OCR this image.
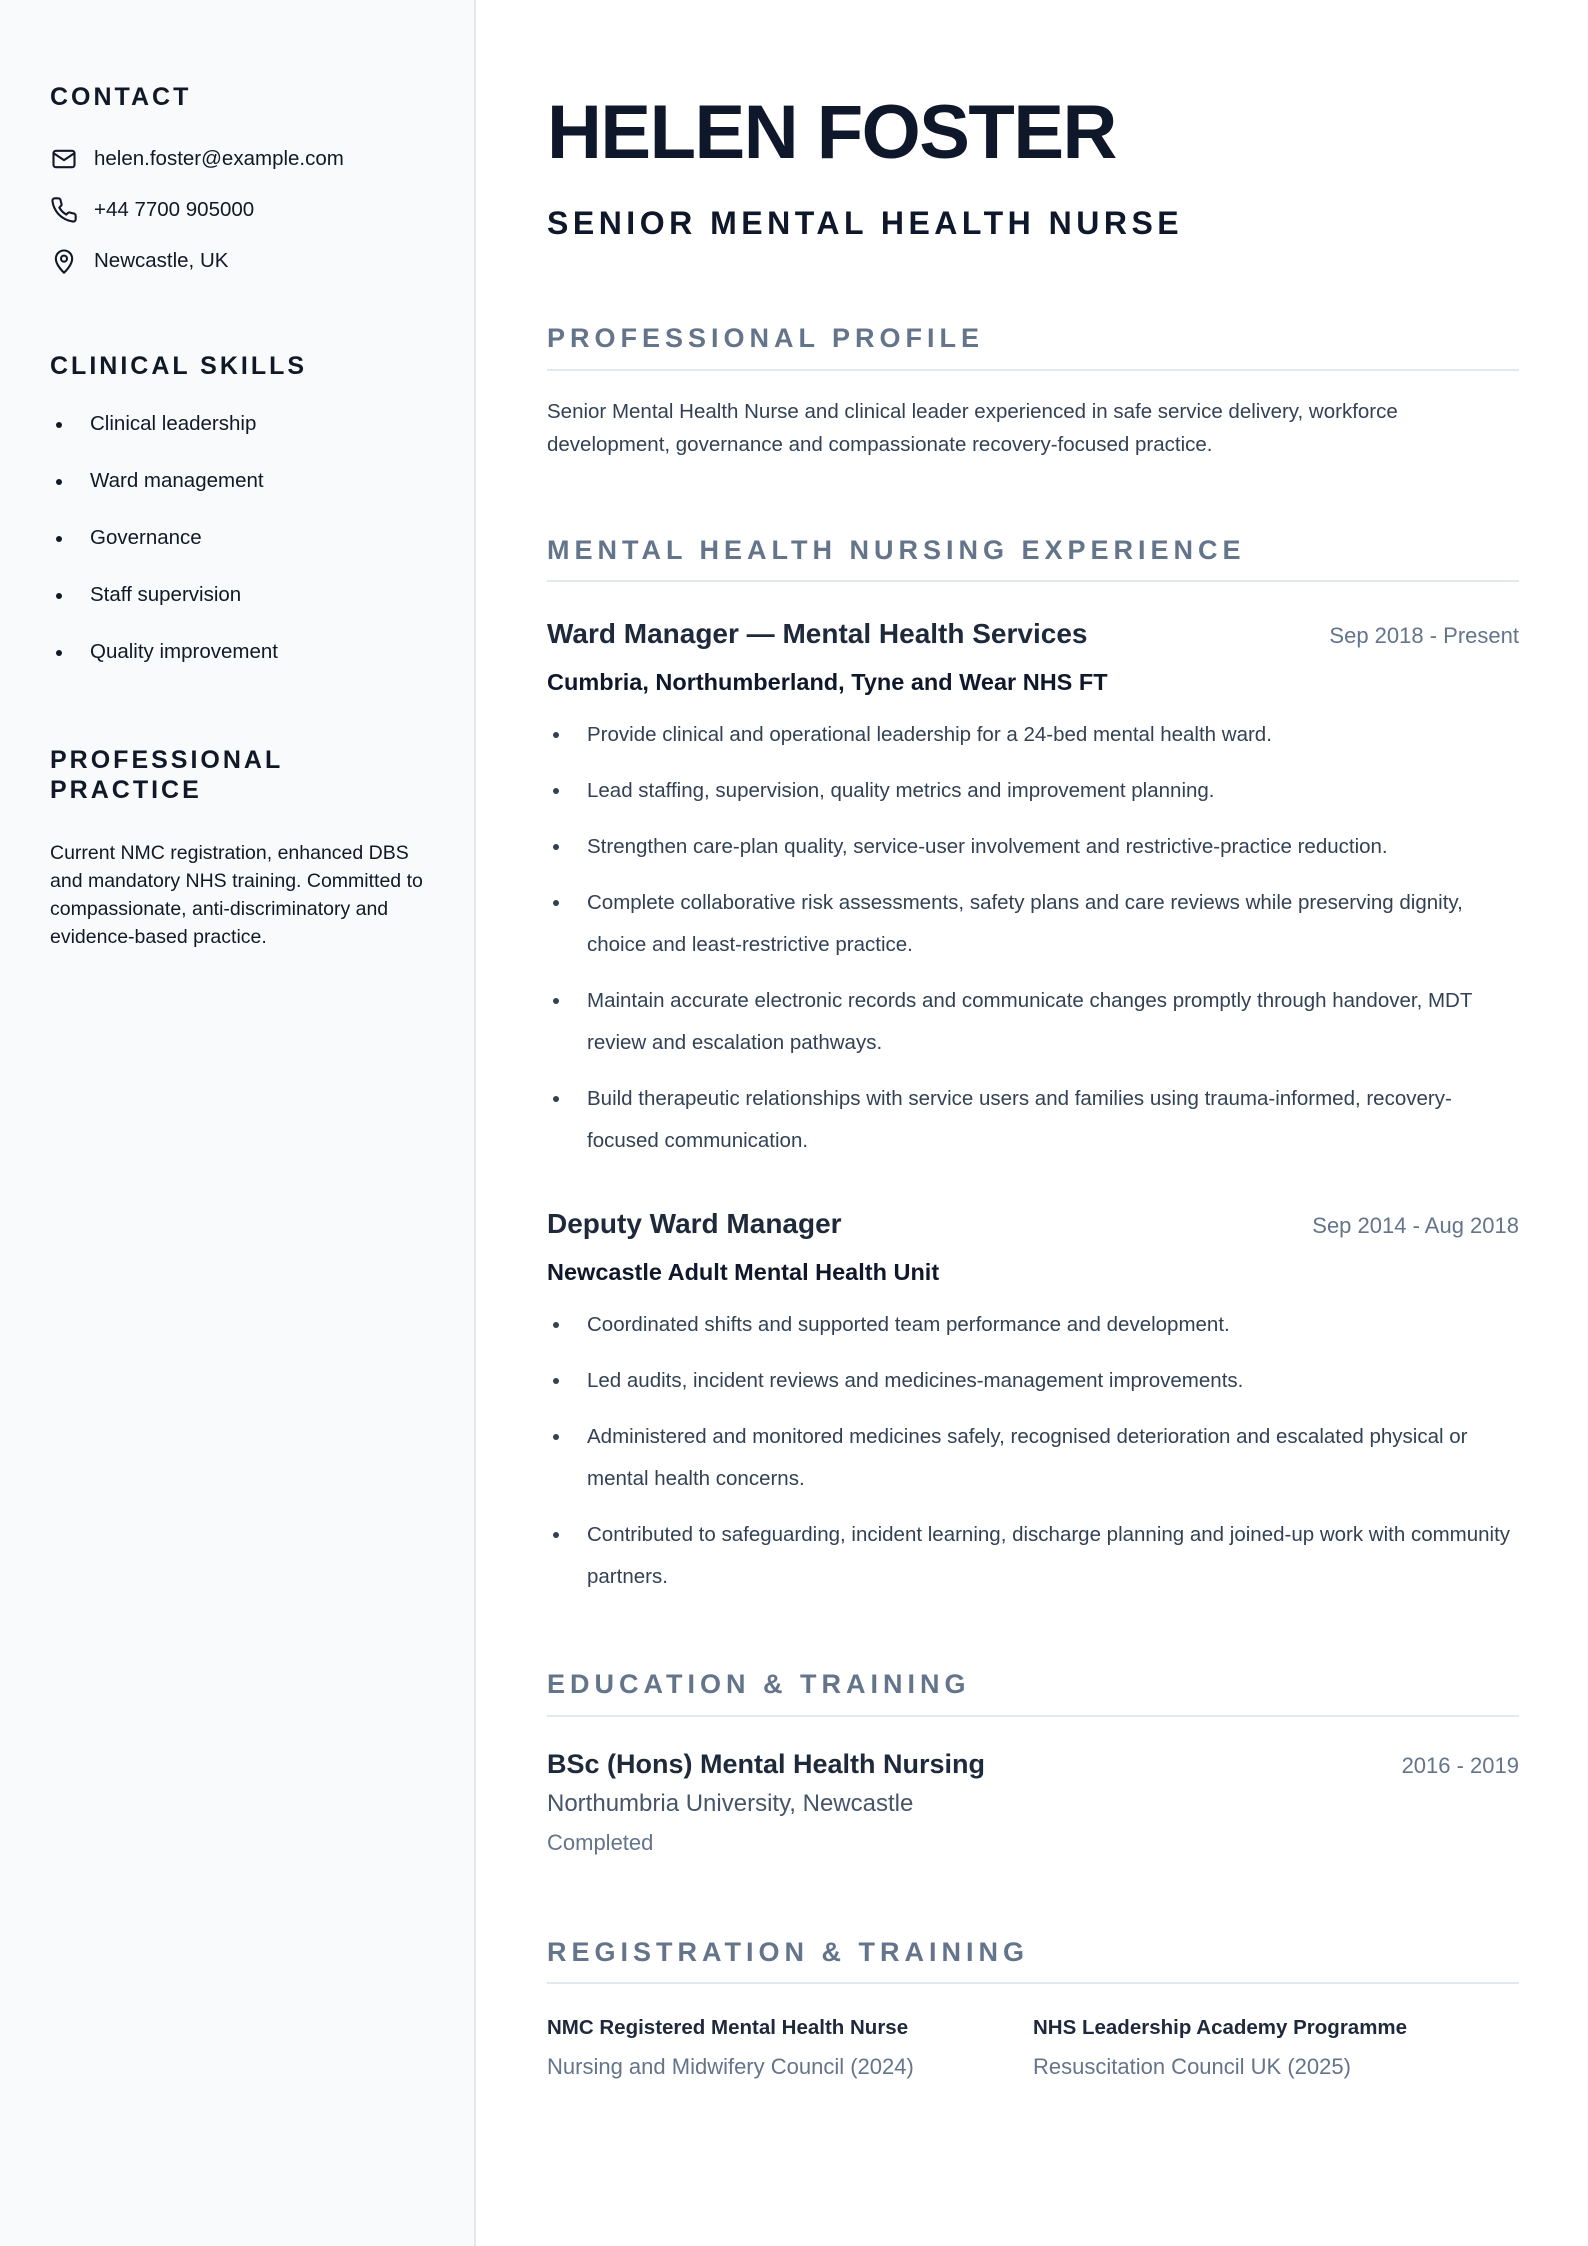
CONTACT
helen.foster@example.com
+44 7700 905000
Newcastle, UK
CLINICAL SKILLS
Clinical leadership
Ward management
Governance
Staff supervision
Quality improvement
PROFESSIONAL PRACTICE

Current NMC registration, enhanced DBS and mandatory NHS training. Committed to compassionate, anti-discriminatory and evidence-based practice.

HELEN FOSTER
SENIOR MENTAL HEALTH NURSE
PROFESSIONAL PROFILE

Senior Mental Health Nurse and clinical leader experienced in safe service delivery, workforce development, governance and compassionate recovery-focused practice.

MENTAL HEALTH NURSING EXPERIENCE
Ward Manager — Mental Health Services	Sep 2018 - Present
Cumbria, Northumberland, Tyne and Wear NHS FT
Provide clinical and operational leadership for a 24-bed mental health ward.
Lead staffing, supervision, quality metrics and improvement planning.
Strengthen care-plan quality, service-user involvement and restrictive-practice reduction.
Complete collaborative risk assessments, safety plans and care reviews while preserving dignity, choice and least-restrictive practice.
Maintain accurate electronic records and communicate changes promptly through handover, MDT review and escalation pathways.
Build therapeutic relationships with service users and families using trauma-informed, recovery-focused communication.
Deputy Ward Manager	Sep 2014 - Aug 2018
Newcastle Adult Mental Health Unit
Coordinated shifts and supported team performance and development.
Led audits, incident reviews and medicines-management improvements.
Administered and monitored medicines safely, recognised deterioration and escalated physical or mental health concerns.
Contributed to safeguarding, incident learning, discharge planning and joined-up work with community partners.
EDUCATION & TRAINING
BSc (Hons) Mental Health Nursing	2016 - 2019
Northumbria University, Newcastle
Completed
REGISTRATION & TRAINING
NMC Registered Mental Health Nurse
Nursing and Midwifery Council (2024)
NHS Leadership Academy Programme
Resuscitation Council UK (2025)
